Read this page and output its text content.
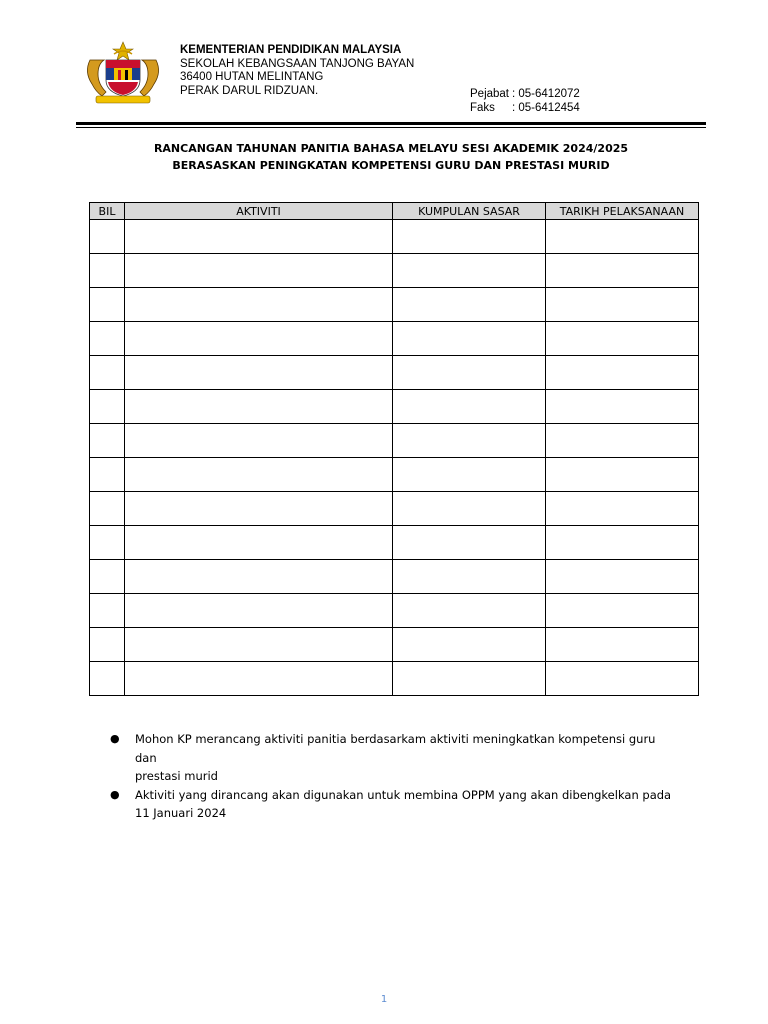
KEMENTERIAN PENDIDIKAN MALAYSIA
SEKOLAH KEBANGSAAN TANJONG BAYAN
36400 HUTAN MELINTANG
PERAK DARUL RIDZUAN.	Pejabat : 05-6412072
Faks	: 05-6412454
RANCANGAN TAHUNAN PANITIA BAHASA MELAYU SESI AKADEMIK 2024/2025
BERASASKAN PENINGKATAN KOMPETENSI GURU DAN PRESTASI MURID
BIL	AKTIVITI	KUMPULAN SASAR	TARIKH PELAKSANAAN

●	Mohon KP merancang aktiviti panitia berdasarkam aktiviti meningkatkan kompetensi guru dan
prestasi murid
●	Aktiviti yang dirancang akan digunakan untuk membina OPPM yang akan dibengkelkan pada
11 Januari 2024
1
